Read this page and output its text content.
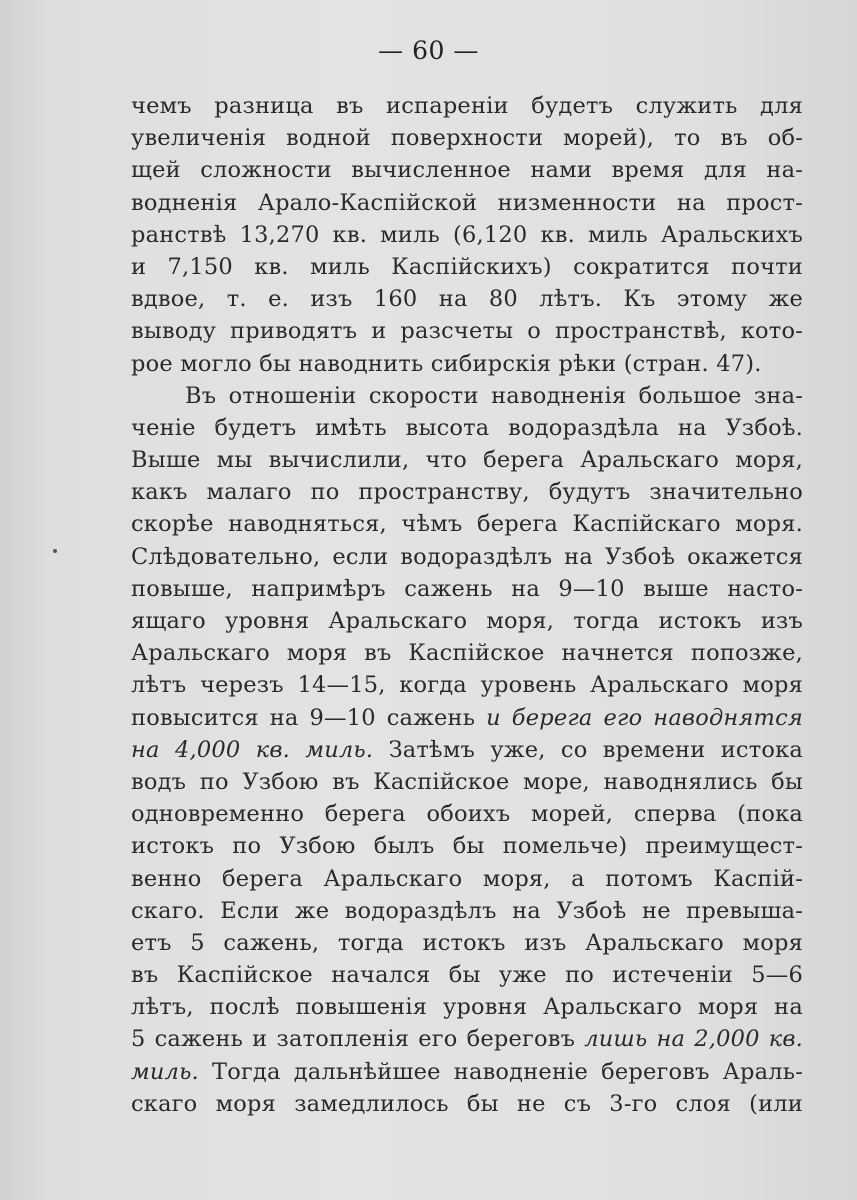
— 60 —
чемъ разница въ испареніи будетъ служить для
увеличенія водной поверхности морей), то въ об-
щей сложности вычисленное нами время для на-
водненія Арало-Каспійской низменности на прост-
ранствѣ 13,270 кв. миль (6,120 кв. миль Аральскихъ
и 7,150 кв. миль Каспійскихъ) сократится почти
вдвое, т. е. изъ 160 на 80 лѣтъ. Къ этому же
выводу приводятъ и разсчеты о пространствѣ, кото-
рое могло бы наводнить сибирскія рѣки (стран. 47).
Въ отношеніи скорости наводненія большое зна-
ченіе будетъ имѣть высота водораздѣла на Узбоѣ.
Выше мы вычислили, что берега Аральскаго моря,
какъ малаго по пространству, будутъ значительно
скорѣе наводняться, чѣмъ берега Каспійскаго моря.
Слѣдовательно, если водораздѣлъ на Узбоѣ окажется
повыше, напримѣръ сажень на 9—10 выше насто-
ящаго уровня Аральскаго моря, тогда истокъ изъ
Аральскаго моря въ Каспійское начнется попозже,
лѣтъ черезъ 14—15, когда уровень Аральскаго моря
повысится на 9—10 сажень и берега его наводнятся
на 4,000 кв. миль. Затѣмъ уже, со времени истока
водъ по Узбою въ Каспійское море, наводнялись бы
одновременно берега обоихъ морей, сперва (пока
истокъ по Узбою былъ бы помельче) преимущест-
венно берега Аральскаго моря, а потомъ Каспій-
скаго. Если же водораздѣлъ на Узбоѣ не превыша-
етъ 5 сажень, тогда истокъ изъ Аральскаго моря
въ Каспійское начался бы уже по истеченіи 5—6
лѣтъ, послѣ повышенія уровня Аральскаго моря на
5 сажень и затопленія его береговъ лишь на 2,000 кв.
миль. Тогда дальнѣйшее наводненіе береговъ Араль-
скаго моря замедлилось бы не съ 3-го слоя (или
